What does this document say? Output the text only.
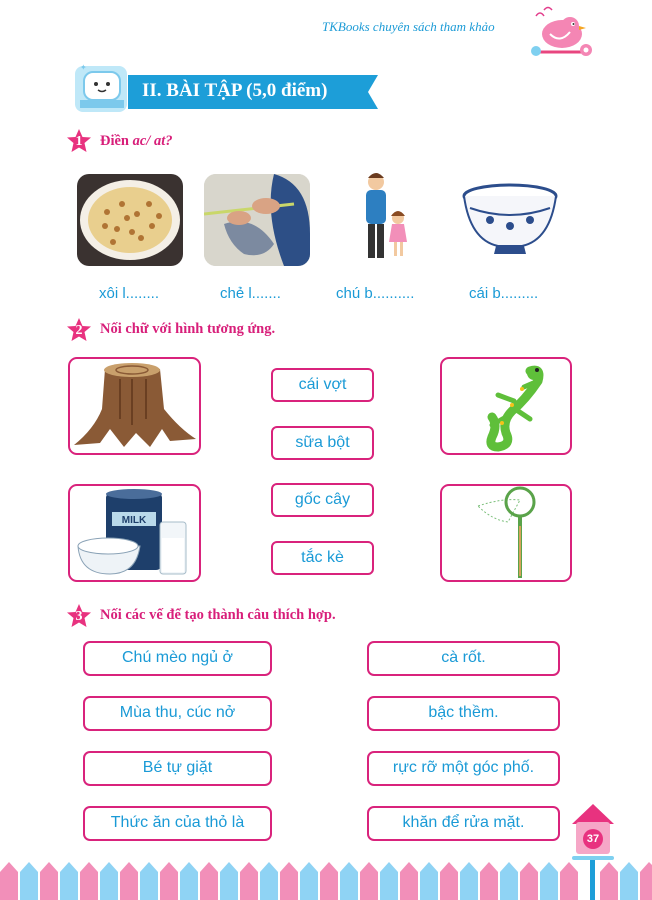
TKBooks chuyên sách tham khảo
✦
II. BÀI TẬP (5,0 điểm)
1	Điền ac/ at?
xôi l........	chẻ l.......	chú b..........	cái b.........
2	Nối chữ với hình tương ứng.
MILK
cái vợt
sữa bột
gốc cây
tắc kè
3	Nối các vế để tạo thành câu thích hợp.
Chú mèo ngủ ở
Mùa thu, cúc nở
Bé tự giặt
Thức ăn của thỏ là
cà rốt.
bậc thềm.
rực rỡ một góc phố.
khăn để rửa mặt.
37
